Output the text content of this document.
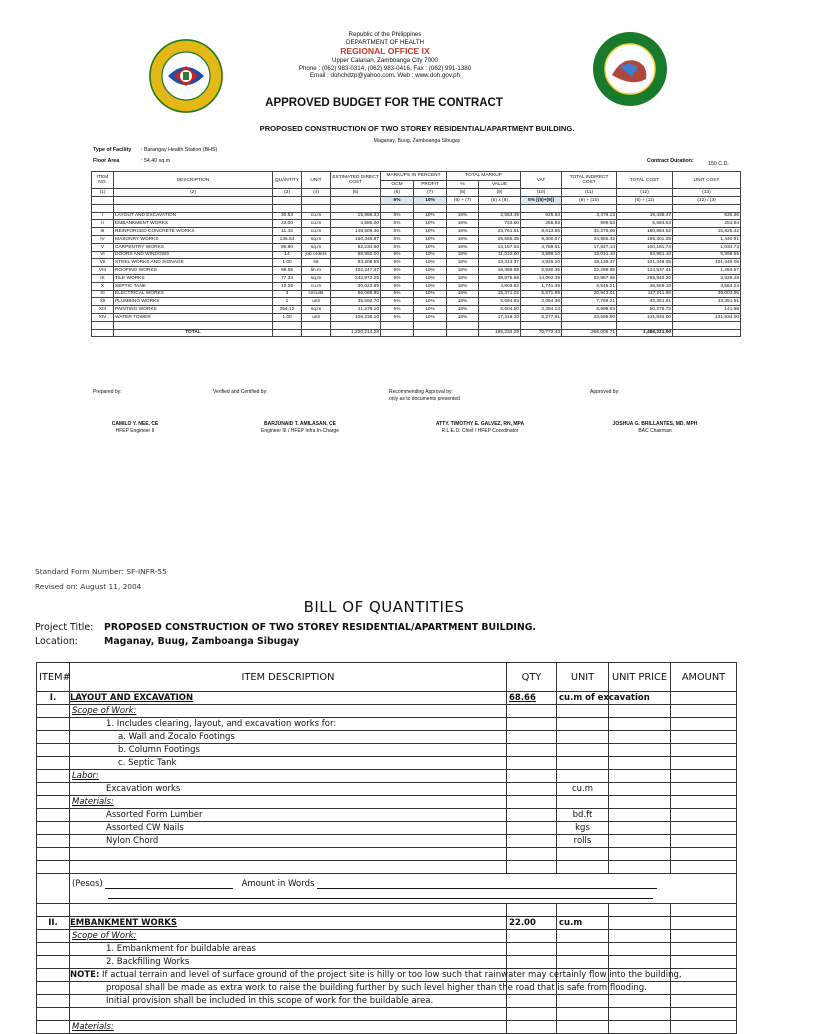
Republic of the Philippines
DEPARTMENT OF HEALTH
REGIONAL OFFICE IX
Upper Calarian, Zamboanga City 7000
Phone : (062) 983-0314, (062) 983-0416, Fax : (062) 991-1380
Email : dohchdzp@yahoo.com, Web : www.doh.gov.ph
APPROVED BUDGET FOR THE CONTRACT
PROPOSED CONSTRUCTION OF TWO STOREY RESIDENTIAL/APARTMENT BUILDING.
Maganay, Buug, Zamboanga Sibugay
Type of Facility : Barangay Health Station (BHS)
Floor Area	: 54.40 sq.m	Contract Duration:	150 C.D.
ITEM NO.	DESCRIPTION	QUANTITY	UNIT	ESTIMATED DIRECT COST	MARKUPS IN PERCENT		TOTAL MARKUP		VAT	TOTAL INDIRECT COST	TOTAL COST	UNIT COST
					OCM	PROFIT	%	VALUE				
(1)	(2)	(3)	(4)	(5)	(6)	(7)	(8)	(9)	(10)	(11)	(12)	(13)
					6%	10%	(6) + (7)	(5) x (8)	5% [(5)+(9)]	(9) + (10)	(5) + (11)	(12) / (3)

I	LAYOUT AND EXCAVATION	30.53	cu.m	15,959.33	6%	10%	16%	2,553.49	925.64	3,479.13	19,438.47	636.66
II	EMBANKMENT WORKS	22.00	cu.m	4,585.00	6%	10%	16%	733.60	265.93	999.53	5,584.53	253.84
III	REINFORCED CONCRETE WORKS	11.43	cu.m	148,509.46	6%	10%	16%	23,761.51	8,613.55	32,375.06	180,884.52	15,825.42
IV	MASONRY WORKS	135.54	sq.m	160,345.87	6%	10%	16%	25,655.35	9,300.07	34,955.42	195,301.39	1,440.91
V	CARPENTRY WORKS	96.80	sq.m	82,234.60	6%	10%	16%	13,157.54	4,769.61	17,927.14	100,161.74	1,034.73
VI	DOORS AND WINDOWS	14	job orders	68,950.00	6%	10%	16%	11,032.00	3,999.10	15,031.10	83,981.10	5,998.65
VII	STEEL WORKS AND SIGNAGE	1.00	lot	83,208.58	6%	10%	16%	13,313.37	4,826.10	18,139.47	101,348.05	101,348.05
VIII	ROOFING WORKS	98.56	lin.m	102,247.47	6%	10%	16%	16,359.59	5,930.35	22,289.95	124,537.41	1,263.57
IX	TILE WORKS	77.34	sq.m	242,972.25	6%	10%	16%	38,875.56	14,092.39	52,967.95	295,940.20	3,826.48
X	SEPTIC TANK	10.26	cu.m	30,023.89	6%	10%	16%	4,803.82	1,741.39	6,545.21	36,569.10	3,564.24
XI	ELECTRICAL WORKS	3	circuits	96,068.85	6%	10%	16%	15,371.02	5,571.99	20,943.01	117,011.86	39,003.95
XII	PLUMBING WORKS	1	unit	35,592.70	6%	10%	16%	5,694.83	2,064.38	7,759.21	43,351.91	43,351.91
XIII	PAINTING WORKS	354.12	sq.m	41,278.10	6%	10%	16%	6,604.50	2,394.13	8,998.63	50,276.73	141.98
XIV	WATER TOWER	1.00	unit	108,238.10	6%	10%	16%	17,318.10	6,277.81	23,595.90	131,834.00	131,834.00

	TOTAL			1,220,214.28				195,234.29	70,772.43	266,006.71	1,486,221.00	
Prepared by:	Verified and Certified by:	Recommending Approval by:
only as to documents presented
Approved by:
CAMILO Y. NEE, CE
HFEP Engineer II
BARJUNAID T. AMILASAN, CE
Engineer III / HFEP Infra In-Charge
ATTY. TIMOTHY E. GALVEZ, RN, MPA
R.L.E.D. Chief / HFEP Coordinator
JOSHUA G. BRILLANTES, MD, MPH
BAC Chairman
Standard Form Number: SF-INFR-55
Revised on: August 11, 2004
BILL OF QUANTITIES
Project Title: PROPOSED CONSTRUCTION OF TWO STOREY RESIDENTIAL/APARTMENT BUILDING.
Location:	Maganay, Buug, Zamboanga Sibugay
ITEM#	ITEM DESCRIPTION	QTY	UNIT	UNIT PRICE	AMOUNT
I.	LAYOUT AND EXCAVATION	68.66	cu.m of excavation		
	Scope of Work:				
	1. Includes clearing, layout, and excavation works for:				
	a. Wall and Zocalo Footings				
	b. Column Footings				
	c. Septic Tank				
	Labor:				
	Excavation works		cu.m		
	Materials:				
	Assorted Form Lumber		bd.ft		
	Assorted CW Nails		kgs		
	Nylon Chord		rolls		

	(Pesos) Amount in Words				

II.	EMBANKMENT WORKS	22.00	cu.m		
	Scope of Work:				
	1. Embankment for buildable areas				
	2. Backfilling Works				
	NOTE: If actual terrain and level of surface ground of the project site is hilly or too low such that rainwater may certainly flow into the building,				
	proposal shall be made as extra work to raise the building further by such level higher than the road that is safe from flooding.				
	Initial provision shall be included in this scope of work for the buildable area.				

	Materials:				
